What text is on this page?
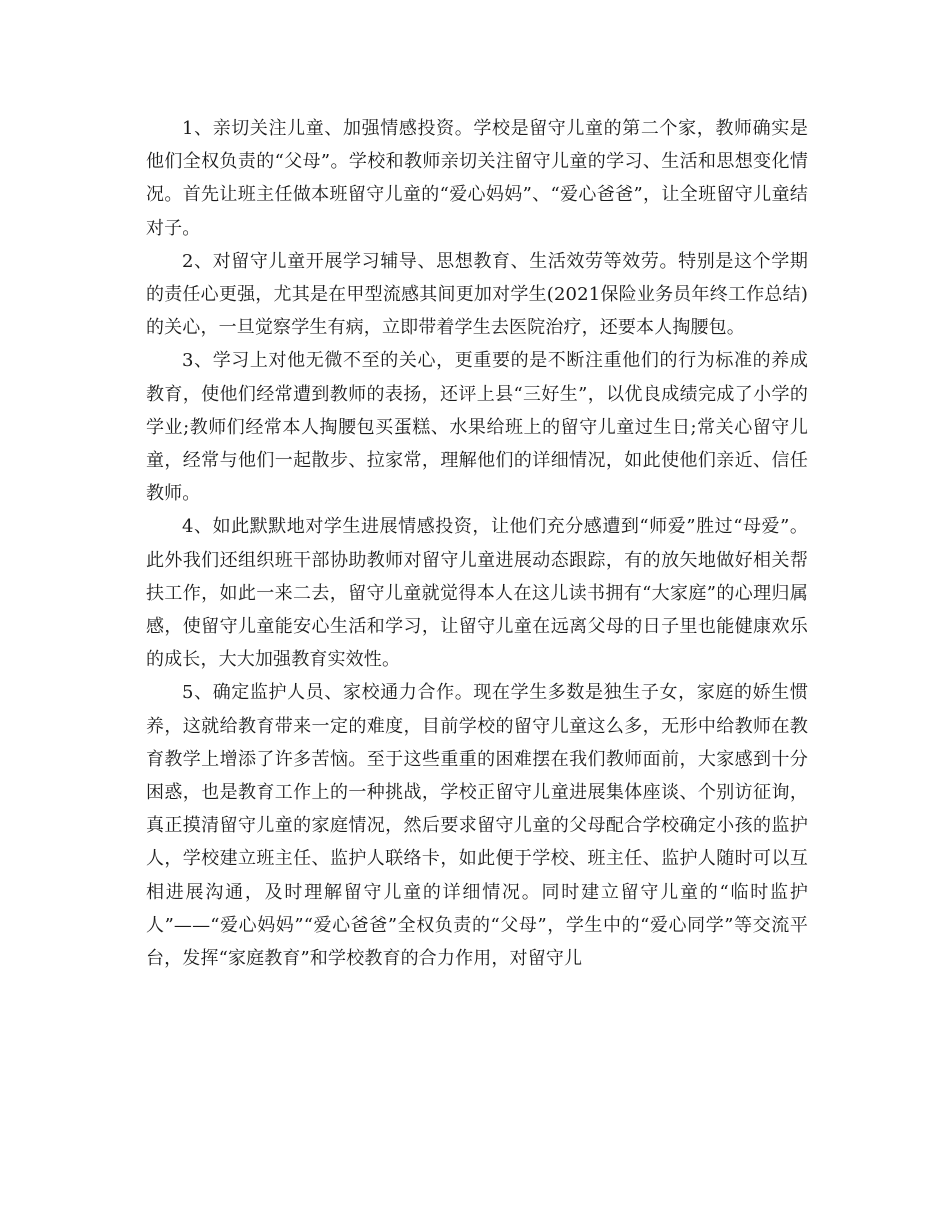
1、亲切关注儿童、加强情感投资。学校是留守儿童的第二个家，教师确实是他们全权负责的“父母”。学校和教师亲切关注留守儿童的学习、生活和思想变化情况。首先让班主任做本班留守儿童的“爱心妈妈”、“爱心爸爸”，让全班留守儿童结对子。

2、对留守儿童开展学习辅导、思想教育、生活效劳等效劳。特别是这个学期的责任心更强，尤其是在甲型流感其间更加对学生(2021保险业务员年终工作总结)的关心，一旦觉察学生有病，立即带着学生去医院治疗，还要本人掏腰包。

3、学习上对他无微不至的关心，更重要的是不断注重他们的行为标准的养成教育，使他们经常遭到教师的表扬，还评上县“三好生”，以优良成绩完成了小学的学业;教师们经常本人掏腰包买蛋糕、水果给班上的留守儿童过生日;常关心留守儿童，经常与他们一起散步、拉家常，理解他们的详细情况，如此使他们亲近、信任教师。

4、如此默默地对学生进展情感投资，让他们充分感遭到“师爱”胜过“母爱”。此外我们还组织班干部协助教师对留守儿童进展动态跟踪，有的放矢地做好相关帮扶工作，如此一来二去，留守儿童就觉得本人在这儿读书拥有“大家庭”的心理归属感，使留守儿童能安心生活和学习，让留守儿童在远离父母的日子里也能健康欢乐的成长，大大加强教育实效性。

5、确定监护人员、家校通力合作。现在学生多数是独生子女，家庭的娇生惯养，这就给教育带来一定的难度，目前学校的留守儿童这么多，无形中给教师在教育教学上增添了许多苦恼。至于这些重重的困难摆在我们教师面前，大家感到十分困惑，也是教育工作上的一种挑战，学校正留守儿童进展集体座谈、个别访征询，真正摸清留守儿童的家庭情况，然后要求留守儿童的父母配合学校确定小孩的监护人，学校建立班主任、监护人联络卡，如此便于学校、班主任、监护人随时可以互相进展沟通，及时理解留守儿童的详细情况。同时建立留守儿童的“临时监护人”——“爱心妈妈”“爱心爸爸”全权负责的“父母”，学生中的“爱心同学”等交流平台，发挥“家庭教育”和学校教育的合力作用，对留守儿
